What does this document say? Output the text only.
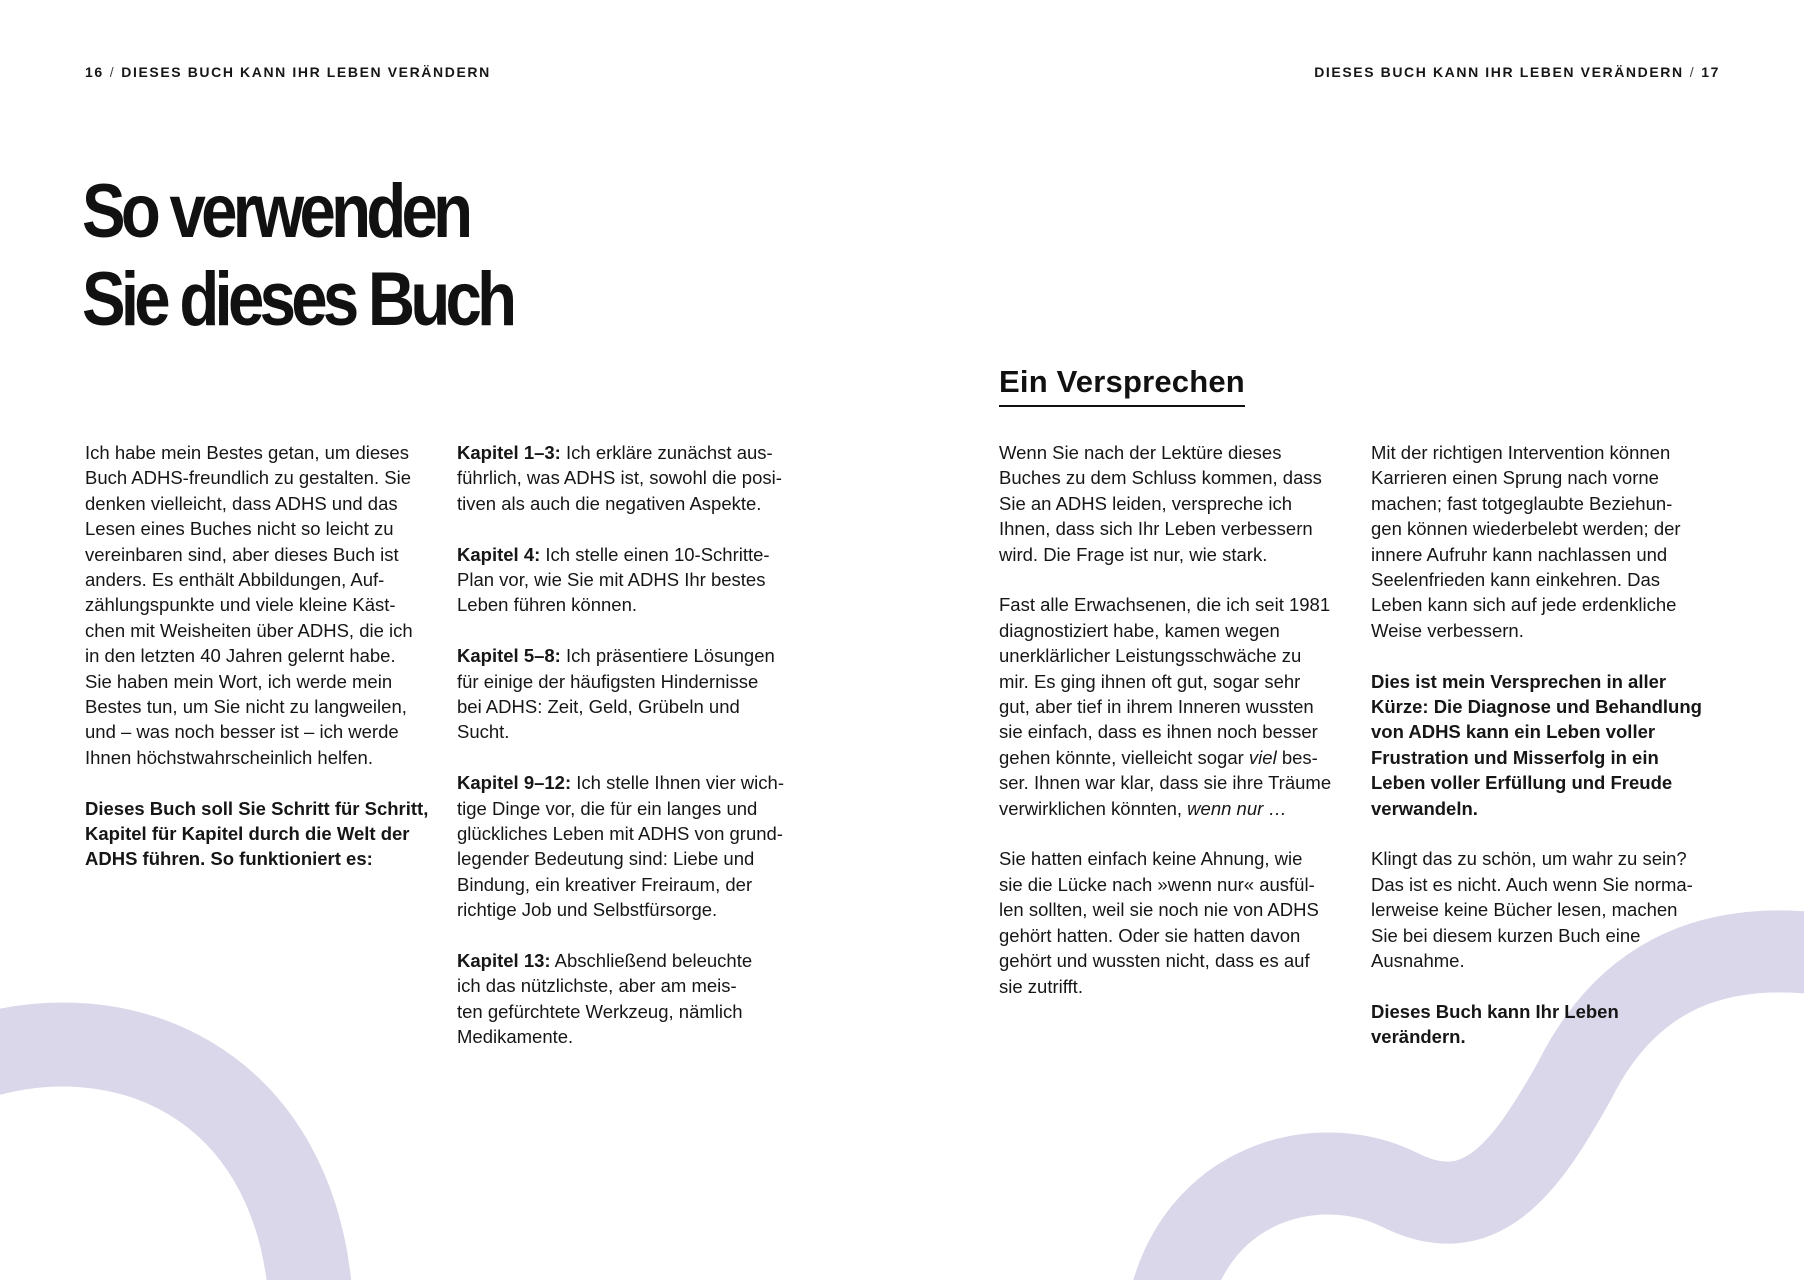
16 / DIESES BUCH KANN IHR LEBEN VERÄNDERN	DIESES BUCH KANN IHR LEBEN VERÄNDERN / 17
So verwenden
Sie dieses Buch
Ein Versprechen

Ich habe mein Bestes getan, um dieses
Buch ADHS-freundlich zu gestalten. Sie
denken vielleicht, dass ADHS und das
Lesen eines Buches nicht so leicht zu
vereinbaren sind, aber dieses Buch ist
anders. Es enthält Abbildungen, Auf-
zählungspunkte und viele kleine Käst-
chen mit Weisheiten über ADHS, die ich
in den letzten 40 Jahren gelernt habe.
Sie haben mein Wort, ich werde mein
Bestes tun, um Sie nicht zu langweilen,
und – was noch besser ist – ich werde
Ihnen höchstwahrscheinlich helfen.

Dieses Buch soll Sie Schritt für Schritt,
Kapitel für Kapitel durch die Welt der
ADHS führen. So funktioniert es:

Kapitel 1–3: Ich erkläre zunächst aus-
führlich, was ADHS ist, sowohl die posi-
tiven als auch die negativen Aspekte.

Kapitel 4: Ich stelle einen 10-Schritte-
Plan vor, wie Sie mit ADHS Ihr bestes
Leben führen können.

Kapitel 5–8: Ich präsentiere Lösungen
für einige der häufigsten Hindernisse
bei ADHS: Zeit, Geld, Grübeln und
Sucht.

Kapitel 9–12: Ich stelle Ihnen vier wich-
tige Dinge vor, die für ein langes und
glückliches Leben mit ADHS von grund-
legender Bedeutung sind: Liebe und
Bindung, ein kreativer Freiraum, der
richtige Job und Selbstfürsorge.

Kapitel 13: Abschließend beleuchte
ich das nützlichste, aber am meis-
ten gefürchtete Werkzeug, nämlich
Medikamente.

Wenn Sie nach der Lektüre dieses
Buches zu dem Schluss kommen, dass
Sie an ADHS leiden, verspreche ich
Ihnen, dass sich Ihr Leben verbessern
wird. Die Frage ist nur, wie stark.

Fast alle Erwachsenen, die ich seit 1981
diagnostiziert habe, kamen wegen
unerklärlicher Leistungsschwäche zu
mir. Es ging ihnen oft gut, sogar sehr
gut, aber tief in ihrem Inneren wussten
sie einfach, dass es ihnen noch besser
gehen könnte, vielleicht sogar viel bes-
ser. Ihnen war klar, dass sie ihre Träume
verwirklichen könnten, wenn nur …

Sie hatten einfach keine Ahnung, wie
sie die Lücke nach »wenn nur« ausfül-
len sollten, weil sie noch nie von ADHS
gehört hatten. Oder sie hatten davon
gehört und wussten nicht, dass es auf
sie zutrifft.

Mit der richtigen Intervention können
Karrieren einen Sprung nach vorne
machen; fast totgeglaubte Beziehun-
gen können wiederbelebt werden; der
innere Aufruhr kann nachlassen und
Seelenfrieden kann einkehren. Das
Leben kann sich auf jede erdenkliche
Weise verbessern.

Dies ist mein Versprechen in aller
Kürze: Die Diagnose und Behandlung
von ADHS kann ein Leben voller
Frustration und Misserfolg in ein
Leben voller Erfüllung und Freude
verwandeln.

Klingt das zu schön, um wahr zu sein?
Das ist es nicht. Auch wenn Sie norma-
lerweise keine Bücher lesen, machen
Sie bei diesem kurzen Buch eine
Ausnahme.

Dieses Buch kann Ihr Leben
verändern.
